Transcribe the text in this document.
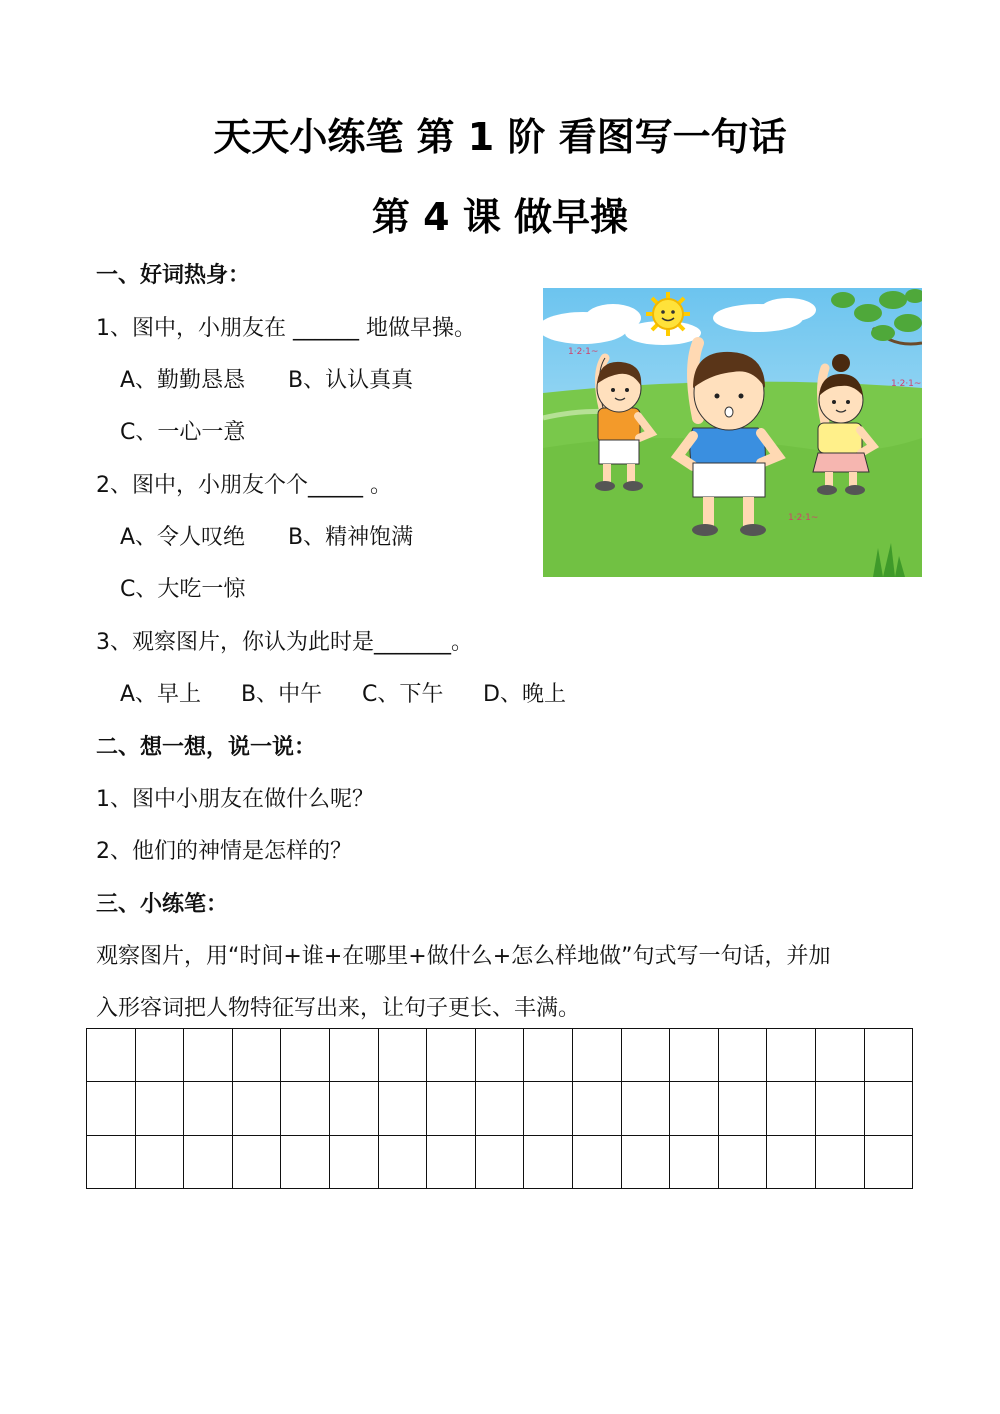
天天小练笔 第 1 阶 看图写一句话
第 4 课 做早操
一、好词热身：
1、图中，小朋友在 ______ 地做早操。
A、勤勤恳恳 B、认认真真
C、一心一意
2、图中，小朋友个个_____ 。
A、令人叹绝 B、精神饱满
C、大吃一惊
3、观察图片，你认为此时是_______。
A、早上 B、中午 C、下午 D、晚上
二、想一想，说一说：
1、图中小朋友在做什么呢？
2、他们的神情是怎样的？
三、小练笔：
观察图片，用“时间+谁+在哪里+做什么+怎么样地做”句式写一句话，并加
入形容词把人物特征写出来，让句子更长、丰满。
1·2·1~
1·2·1~
1·2·1~
